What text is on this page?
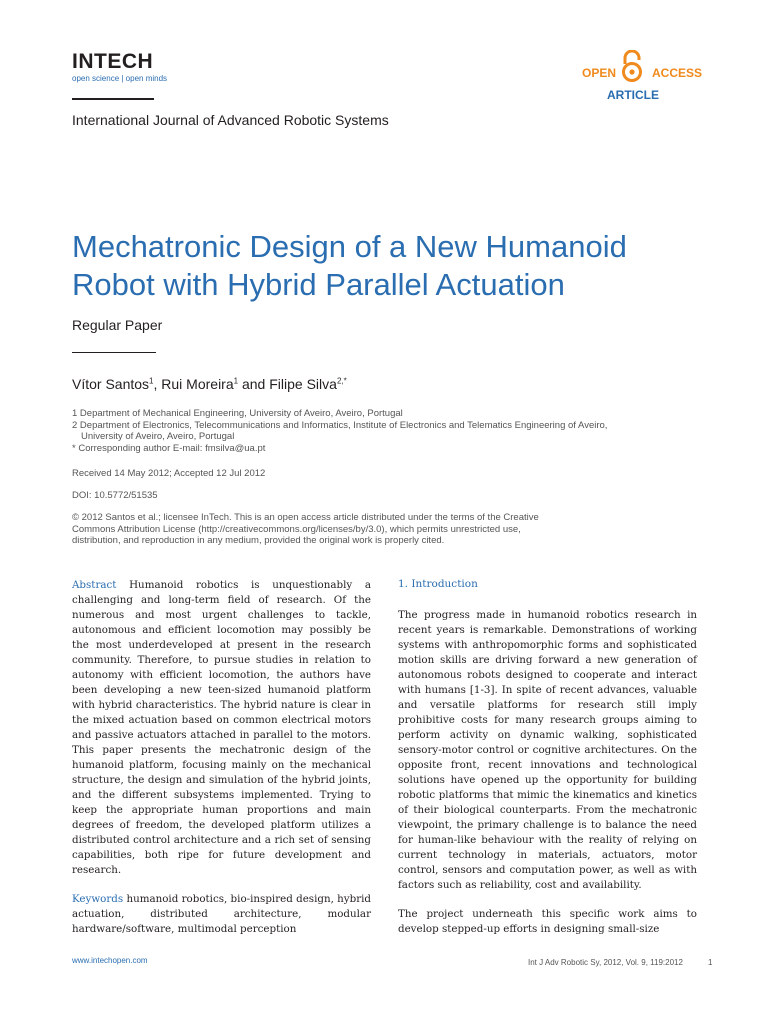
INTECH
open science | open minds	OPEN	ACCESS
ARTICLE
International Journal of Advanced Robotic Systems
Mechatronic Design of a New Humanoid Robot with Hybrid Parallel Actuation
Regular Paper
Vítor Santos$^1$, Rui Moreira$^1$ and Filipe Silva$^{2,*}$
1 Department of Mechanical Engineering, University of Aveiro, Aveiro, Portugal
2 Department of Electronics, Telecommunications and Informatics, Institute of Electronics and Telematics Engineering of Aveiro,
University of Aveiro, Aveiro, Portugal
* Corresponding author E-mail: fmsilva@ua.pt
Received 14 May 2012; Accepted 12 Jul 2012
DOI: 10.5772/51535
© 2012 Santos et al.; licensee InTech. This is an open access article distributed under the terms of the Creative
Commons Attribution License (http://creativecommons.org/licenses/by/3.0), which permits unrestricted use,
distribution, and reproduction in any medium, provided the original work is properly cited.

Abstract Humanoid robotics is unquestionably a challenging and long-term field of research. Of the numerous and most urgent challenges to tackle, autonomous and efficient locomotion may possibly be the most underdeveloped at present in the research community. Therefore, to pursue studies in relation to autonomy with efficient locomotion, the authors have been developing a new teen-sized humanoid platform with hybrid characteristics. The hybrid nature is clear in the mixed actuation based on common electrical motors and passive actuators attached in parallel to the motors. This paper presents the mechatronic design of the humanoid platform, focusing mainly on the mechanical structure, the design and simulation of the hybrid joints, and the different subsystems implemented. Trying to keep the appropriate human proportions and main degrees of freedom, the developed platform utilizes a distributed control architecture and a rich set of sensing capabilities, both ripe for future development and research.

Keywords humanoid robotics, bio-inspired design, hybrid actuation, distributed architecture, modular hardware/software, multimodal perception

1. Introduction

The progress made in humanoid robotics research in recent years is remarkable. Demonstrations of working systems with anthropomorphic forms and sophisticated motion skills are driving forward a new generation of autonomous robots designed to cooperate and interact with humans [1-3]. In spite of recent advances, valuable and versatile platforms for research still imply prohibitive costs for many research groups aiming to perform activity on dynamic walking, sophisticated sensory-motor control or cognitive architectures. On the opposite front, recent innovations and technological solutions have opened up the opportunity for building robotic platforms that mimic the kinematics and kinetics of their biological counterparts. From the mechatronic viewpoint, the primary challenge is to balance the need for human-like behaviour with the reality of relying on current technology in materials, actuators, motor control, sensors and computation power, as well as with factors such as reliability, cost and availability.

The project underneath this specific work aims to develop stepped-up efforts in designing small-size

www.intechopen.com	Int J Adv Robotic Sy, 2012, Vol. 9, 119:2012	1
